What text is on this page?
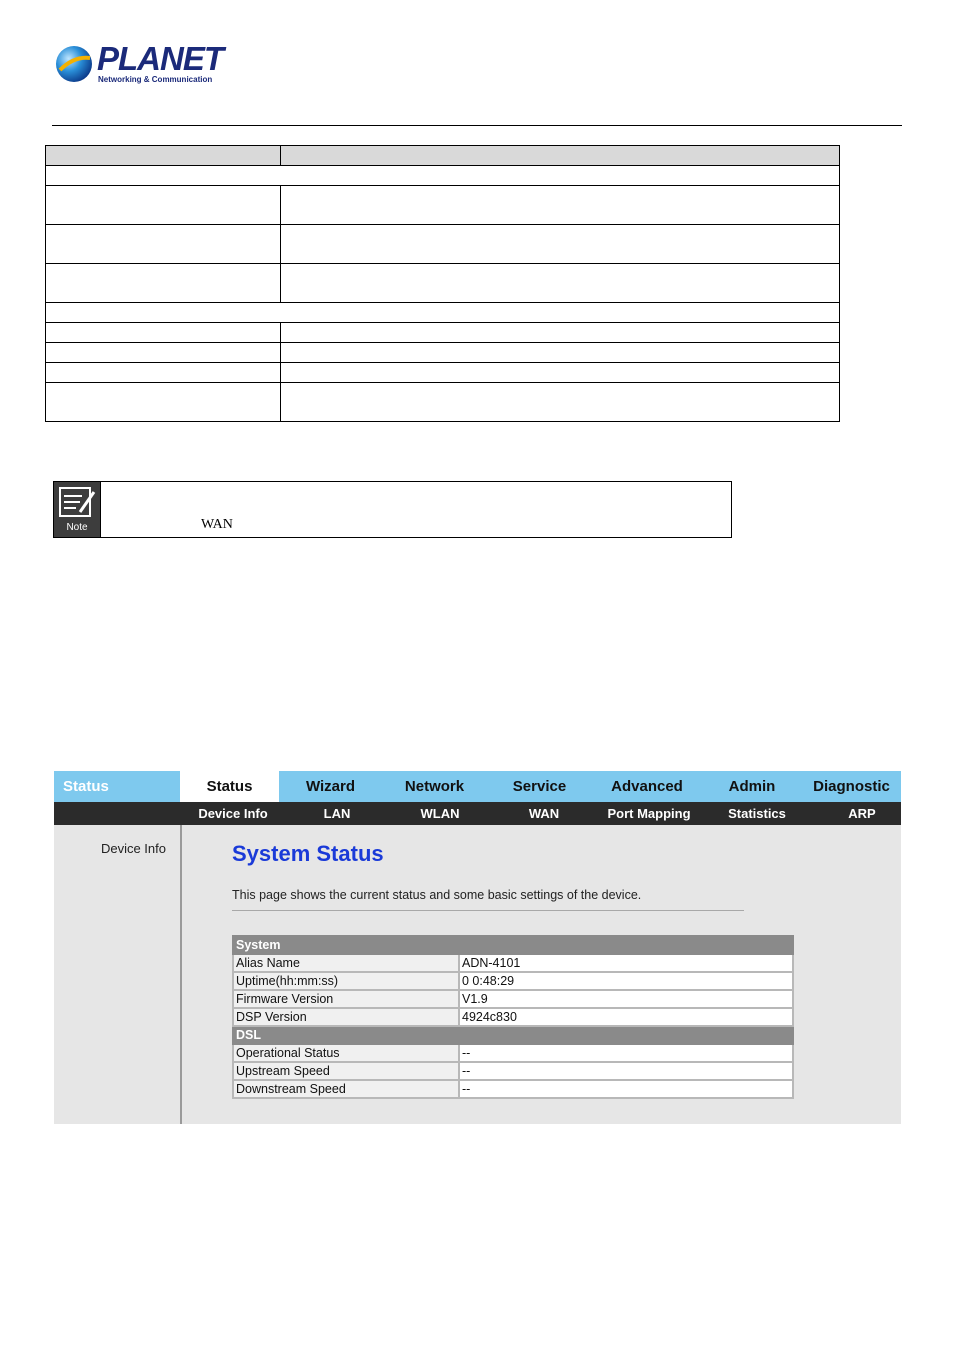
PLANET
Networking & Communication

Note	WAN
Status	Status	Wizard	Network	Service	Advanced	Admin	Diagnostic
Device Info	LAN	WLAN	WAN	Port Mapping	Statistics	ARP
Device Info	System Status
This page shows the current status and some basic settings of the device.
System	
Alias Name	ADN-4101
Uptime(hh:mm:ss)	0 0:48:29
Firmware Version	V1.9
DSP Version	4924c830
DSL	
Operational Status	--
Upstream Speed	--
Downstream Speed	--
